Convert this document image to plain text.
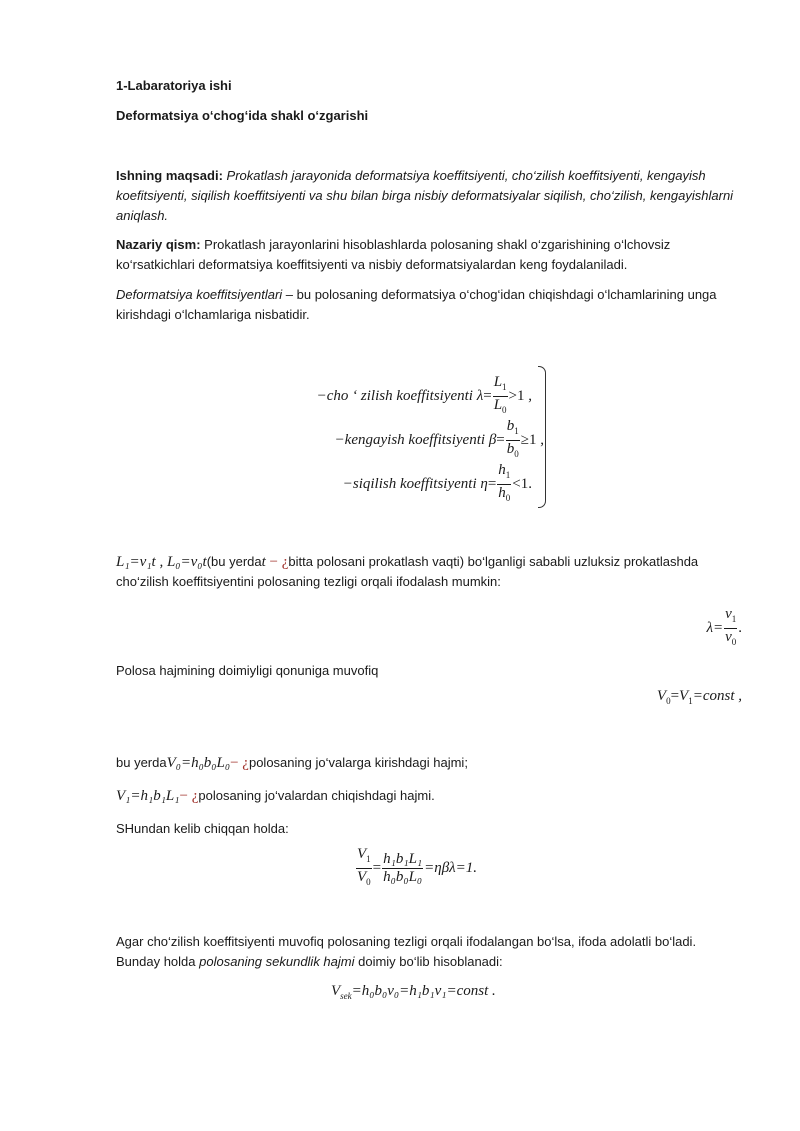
1-Labaratoriya ishi

Deformatsiya o‘chog‘ida shakl o‘zgarishi

Ishning maqsadi: Prokatlash jarayonida deformatsiya koeffitsiyenti, cho‘zilish koeffitsiyenti, kengayish koefitsiyenti, siqilish koeffitsiyenti va shu bilan birga nisbiy deformatsiyalar siqilish, cho‘zilish, kengayishlarni aniqlash.

Nazariy qism: Prokatlash jarayonlarini hisoblashlarda polosaning shakl o‘zgarishining o‘lchovsiz ko‘rsatkichlari deformatsiya koeffitsiyenti va nisbiy deformatsiyalardan keng foydalaniladi.

Deformatsiya koeffitsiyentlari – bu polosaning deformatsiya o‘chog‘idan chiqishdagi o‘lchamlarining unga kirishdagi o‘lchamlariga nisbatidir.

−cho ‘ zilish koeffitsiyenti $\lambda= \frac{L_1}{L_0} >1$ ,
−kengayish koeffitsiyenti $\beta= \frac{b_1}{b_0} \ge 1$ ,
−siqilish koeffitsiyenti $\eta= \frac{h_1}{h_0} <1$.

L₁=v₁t , L₀=v₀t(bu yerdat − ¿bitta polosani prokatlash vaqti) bo‘lganligi sababli uzluksiz prokatlashda cho‘zilish koeffitsiyentini polosaning tezligi orqali ifodalash mumkin:

$\lambda= \frac{v_1}{v_0}$ .

Polosa hajmining doimiyligi qonuniga muvofiq

$V_0=V_1=const$ ,

bu yerdaV₀=h₀b₀L₀− ¿polosaning jo‘valarga kirishdagi hajmi;

V₁=h₁b₁L₁− ¿polosaning jo‘valardan chiqishdagi hajmi.

SHundan kelib chiqqan holda:

$\frac{V_1}{V_0} = \frac{\text{h₁b₁L₁}}{\text{h₀b₀L₀}} =\eta\beta\lambda=1$.

Agar cho‘zilish koeffitsiyenti muvofiq polosaning tezligi orqali ifodalangan bo‘lsa, ifoda adolatli bo‘ladi. Bunday holda polosaning sekundlik hajmi doimiy bo‘lib hisoblanadi:

$V_{sek}=h_0b_0v_0=h_1b_1v_1=const$ .
